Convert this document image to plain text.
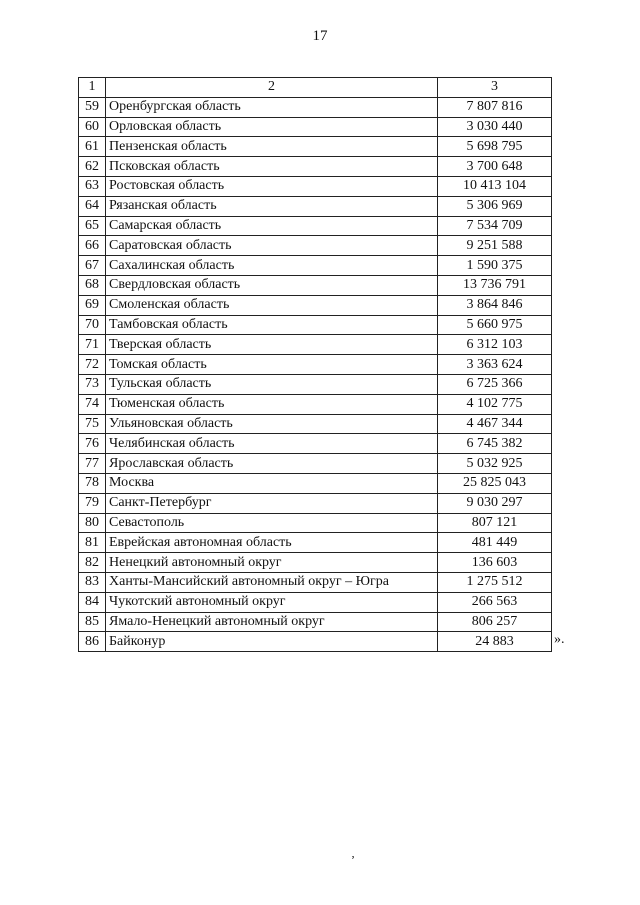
17
1	2	3
59	Оренбургская область	7 807 816
60	Орловская область	3 030 440
61	Пензенская область	5 698 795
62	Псковская область	3 700 648
63	Ростовская область	10 413 104
64	Рязанская область	5 306 969
65	Самарская область	7 534 709
66	Саратовская область	9 251 588
67	Сахалинская область	1 590 375
68	Свердловская область	13 736 791
69	Смоленская область	3 864 846
70	Тамбовская область	5 660 975
71	Тверская область	6 312 103
72	Томская область	3 363 624
73	Тульская область	6 725 366
74	Тюменская область	4 102 775
75	Ульяновская область	4 467 344
76	Челябинская область	6 745 382
77	Ярославская область	5 032 925
78	Москва	25 825 043
79	Санкт-Петербург	9 030 297
80	Севастополь	807 121
81	Еврейская автономная область	481 449
82	Ненецкий автономный округ	136 603
83	Ханты-Мансийский автономный округ – Югра	1 275 512
84	Чукотский автономный округ	266 563
85	Ямало-Ненецкий автономный округ	806 257
86	Байконур	24 883	».
ʼ
